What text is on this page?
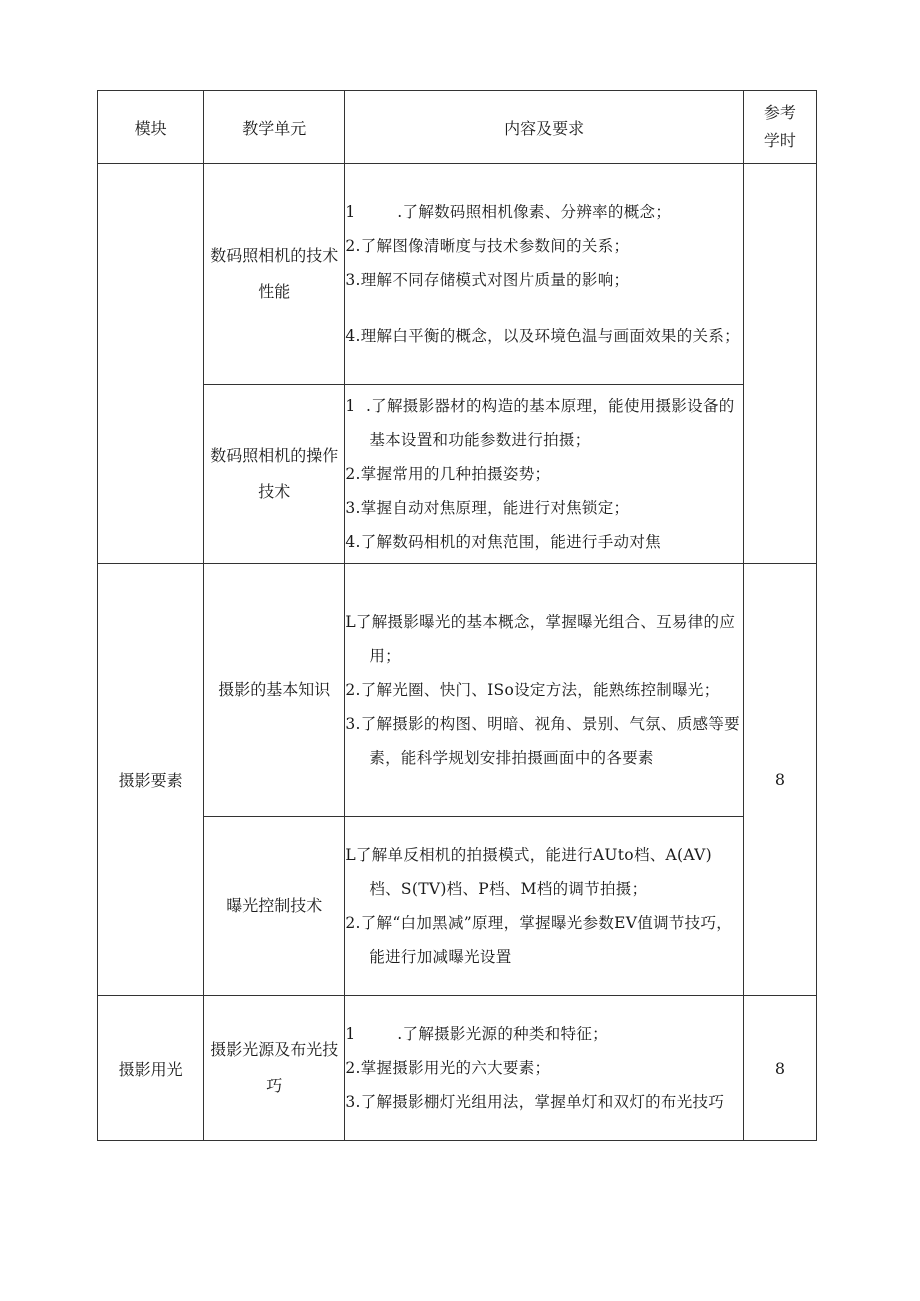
模块	教学单元	内容及要求	参考学时

	数码照相机的技术性能	1        .了解数码照相机像素、分辨率的概念；
2.了解图像清晰度与技术参数间的关系；
3.理解不同存储模式对图片质量的影响；
4.理解白平衡的概念，以及环境色温与画面效果的关系；	

	数码照相机的操作技术	1  .了解摄影器材的构造的基本原理，能使用摄影设备的基本设置和功能参数进行拍摄；
2.掌握常用的几种拍摄姿势；
3.掌握自动对焦原理，能进行对焦锁定；
4.了解数码相机的对焦范围，能进行手动对焦	

摄影要素	摄影的基本知识	L了解摄影曝光的基本概念，掌握曝光组合、互易律的应用；
2.了解光圈、快门、ISo设定方法，能熟练控制曝光；
3.了解摄影的构图、明暗、视角、景别、气氛、质感等要素，能科学规划安排拍摄画面中的各要素	8
	曝光控制技术	L了解单反相机的拍摄模式，能进行AUto档、A(AV)档、S(TV)档、P档、M档的调节拍摄；
2.了解“白加黑减”原理，掌握曝光参数EV值调节技巧，能进行加减曝光设置	

摄影用光	摄影光源及布光技巧	1        .了解摄影光源的种类和特征；
2.掌握摄影用光的六大要素；
3.了解摄影棚灯光组用法，掌握单灯和双灯的布光技巧	8
